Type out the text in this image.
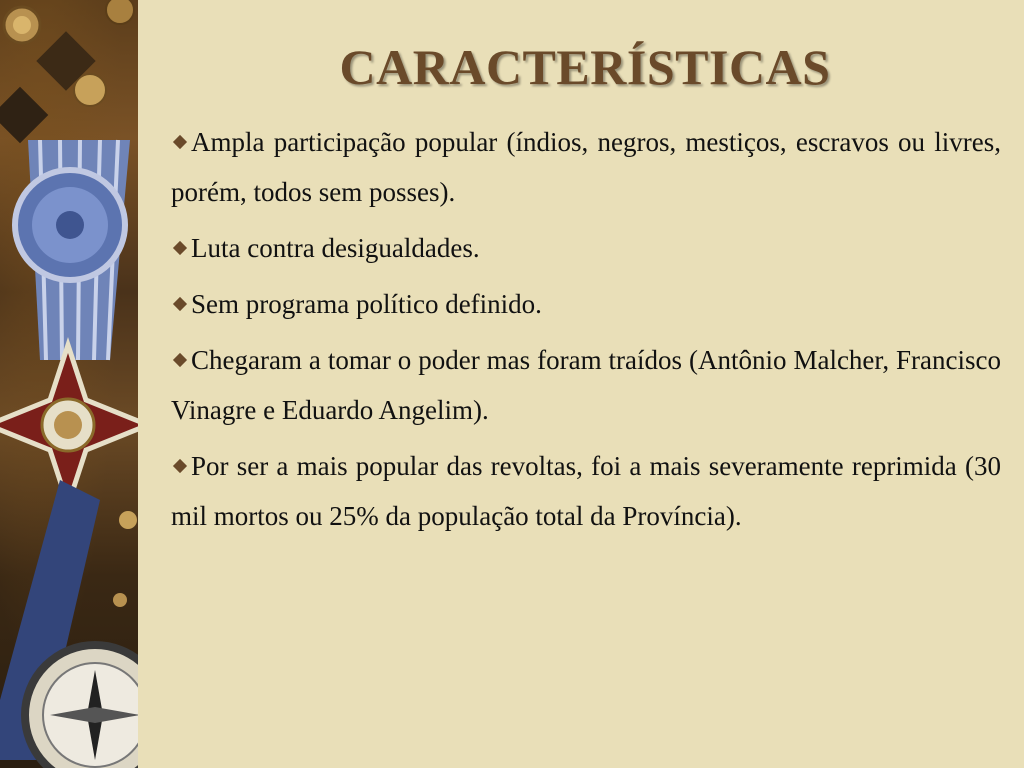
CARACTERÍSTICAS

Ampla participação popular (índios, negros, mestiços, escravos ou livres, porém, todos sem posses).

Luta contra desigualdades.

Sem programa político definido.

Chegaram a tomar o poder mas foram traídos (Antônio Malcher, Francisco Vinagre e Eduardo Angelim).

Por ser a mais popular das revoltas, foi a mais severamente reprimida (30 mil mortos ou 25% da população total da Província).
